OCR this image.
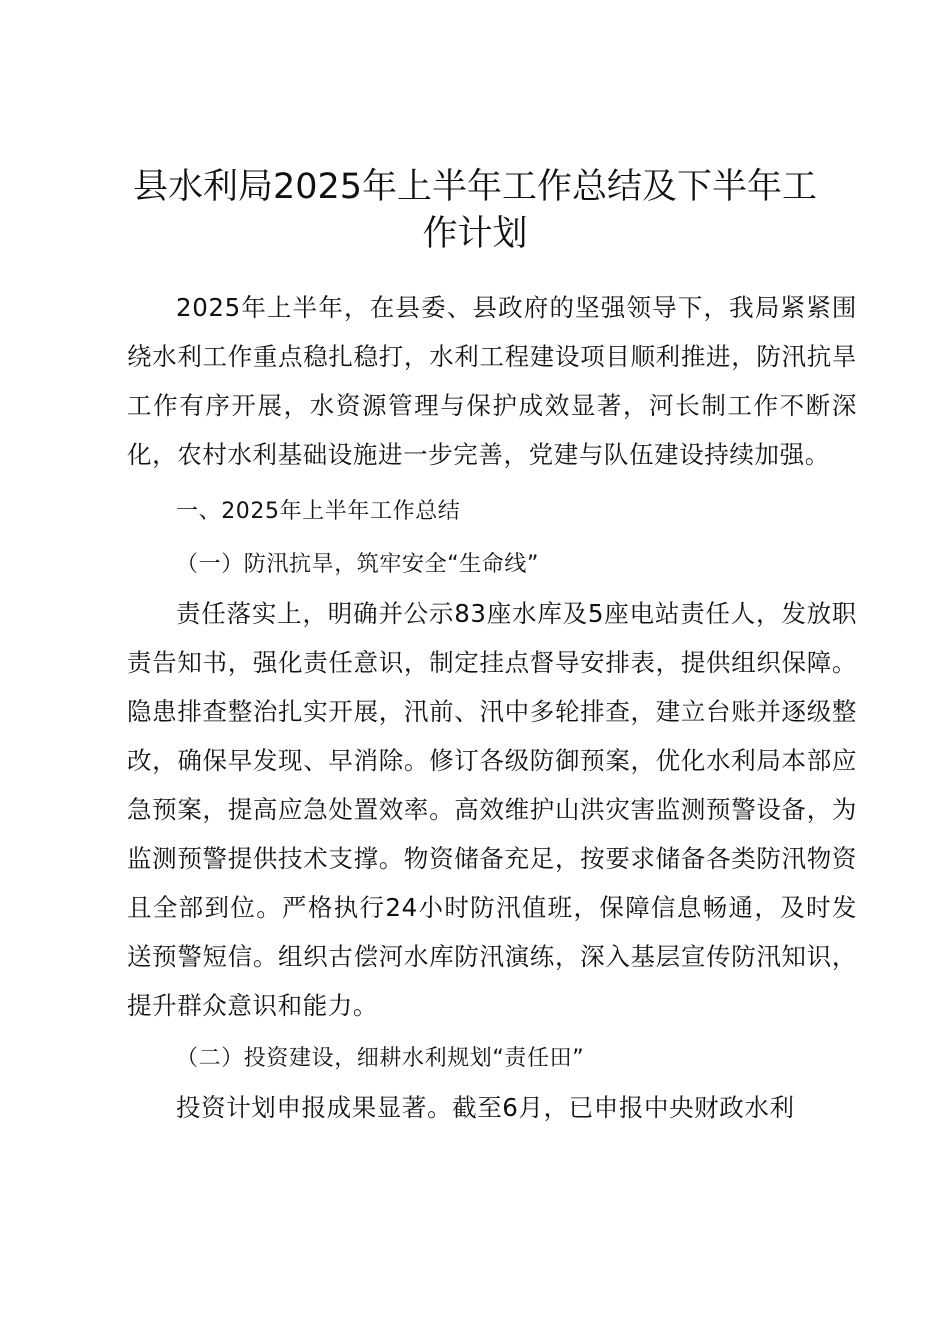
县水利局2025年上半年工作总结及下半年工作计划

2025年上半年，在县委、县政府的坚强领导下，我局紧紧围绕水利工作重点稳扎稳打，水利工程建设项目顺利推进，防汛抗旱工作有序开展，水资源管理与保护成效显著，河长制工作不断深化，农村水利基础设施进一步完善，党建与队伍建设持续加强。

一、2025年上半年工作总结

（一）防汛抗旱，筑牢安全“生命线”

责任落实上，明确并公示83座水库及5座电站责任人，发放职责告知书，强化责任意识，制定挂点督导安排表，提供组织保障。隐患排查整治扎实开展，汛前、汛中多轮排查，建立台账并逐级整改，确保早发现、早消除。修订各级防御预案，优化水利局本部应急预案，提高应急处置效率。高效维护山洪灾害监测预警设备，为监测预警提供技术支撑。物资储备充足，按要求储备各类防汛物资且全部到位。严格执行24小时防汛值班，保障信息畅通，及时发送预警短信。组织古偿河水库防汛演练，深入基层宣传防汛知识，提升群众意识和能力。

（二）投资建设，细耕水利规划“责任田”

投资计划申报成果显著。截至6月，已申报中央财政水利
